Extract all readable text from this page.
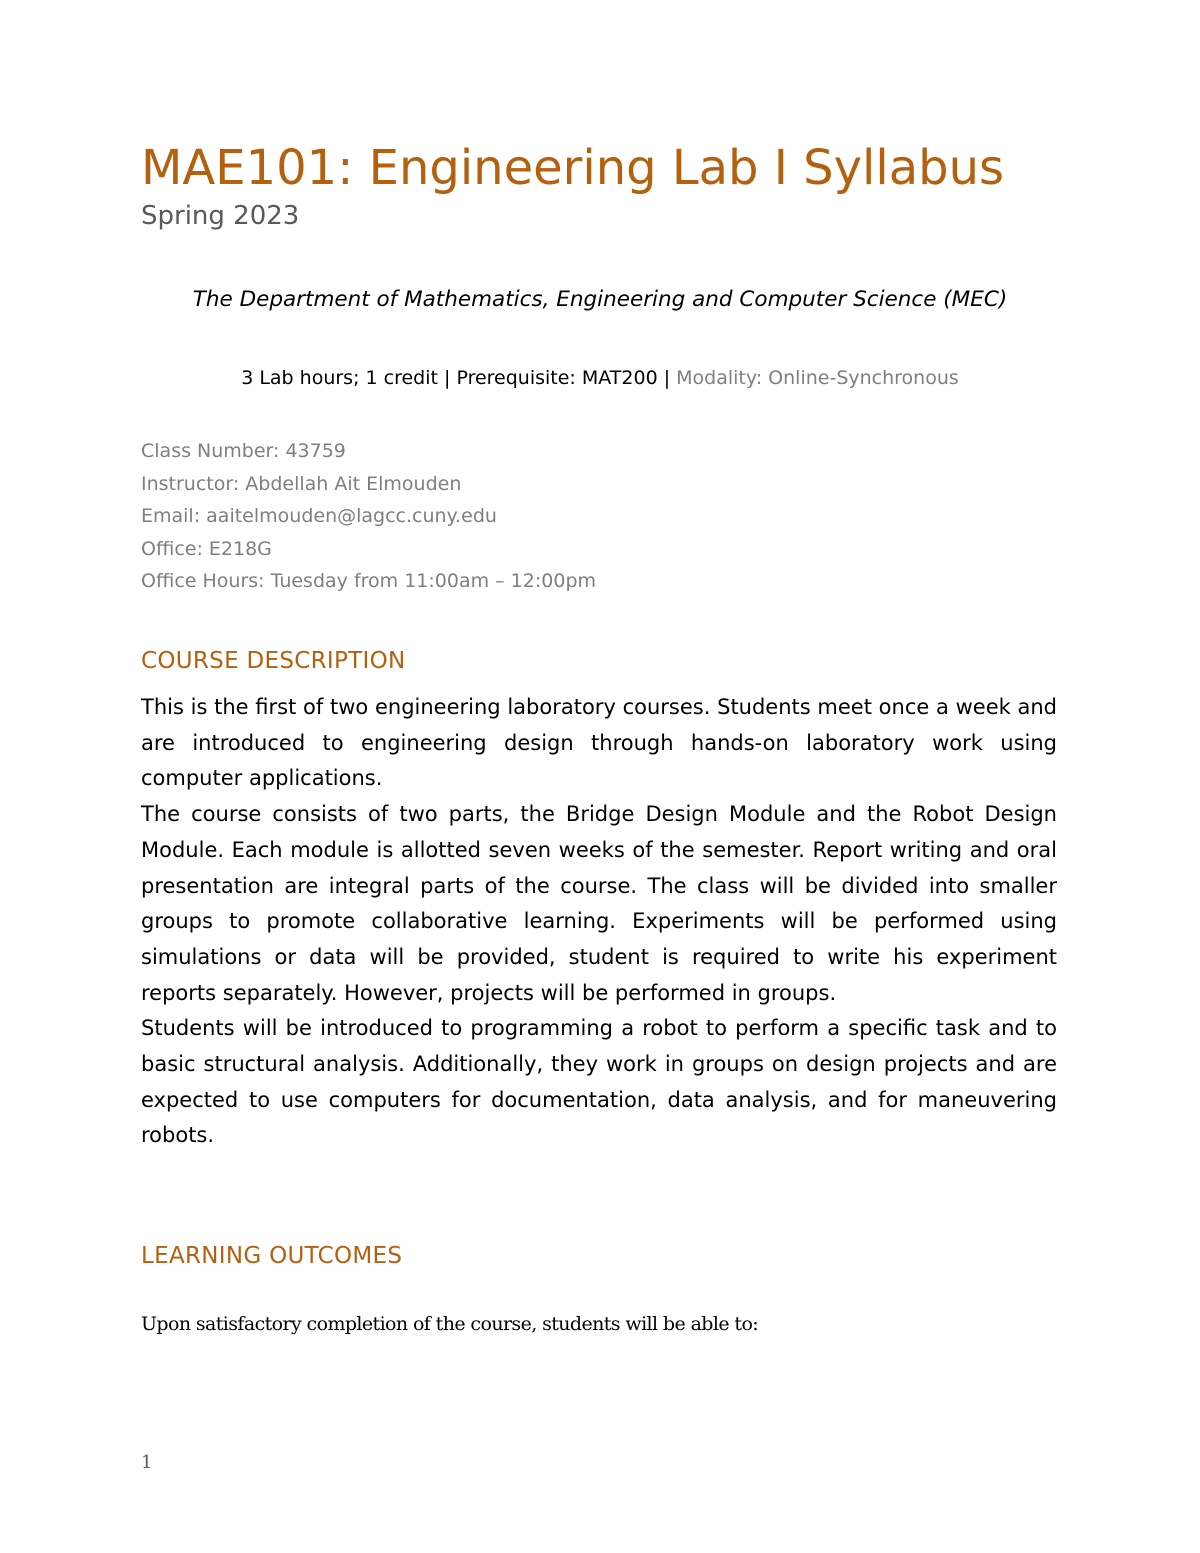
MAE101: Engineering Lab I Syllabus
Spring 2023
The Department of Mathematics, Engineering and Computer Science (MEC)
3 Lab hours; 1 credit | Prerequisite: MAT200 | Modality: Online-Synchronous
Class Number: 43759
Instructor: Abdellah Ait Elmouden
Email: aaitelmouden@lagcc.cuny.edu
Office: E218G
Office Hours: Tuesday from 11:00am – 12:00pm
COURSE DESCRIPTION

This is the first of two engineering laboratory courses. Students meet once a week and are introduced to engineering design through hands-on laboratory work using computer applications.

The course consists of two parts, the Bridge Design Module and the Robot Design Module. Each module is allotted seven weeks of the semester. Report writing and oral presentation are integral parts of the course. The class will be divided into smaller groups to promote collaborative learning. Experiments will be performed using simulations or data will be provided, student is required to write his experiment reports separately. However, projects will be performed in groups.

Students will be introduced to programming a robot to perform a specific task and to basic structural analysis. Additionally, they work in groups on design projects and are expected to use computers for documentation, data analysis, and for maneuvering robots.

LEARNING OUTCOMES
Upon satisfactory completion of the course, students will be able to:
1
